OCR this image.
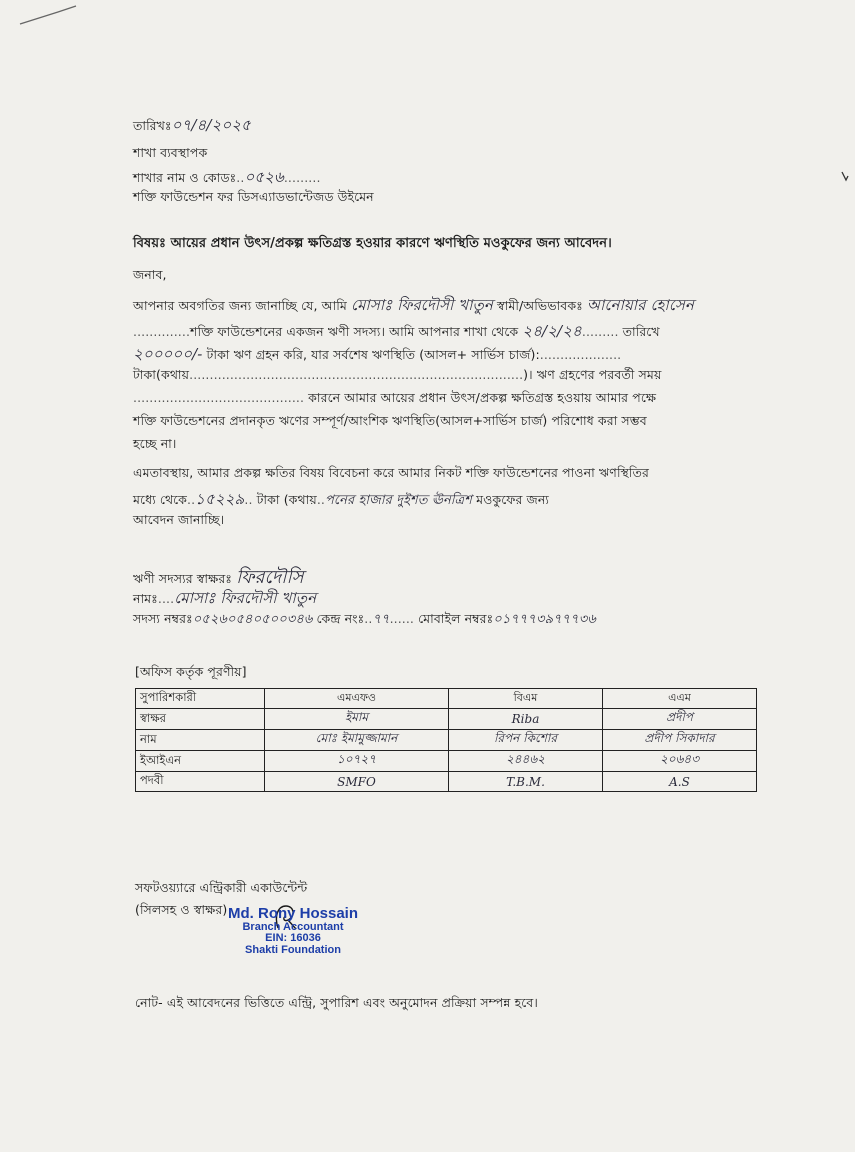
তারিখঃ০৭/৪/২০২৫
শাখা ব্যবস্থাপক
শাখার নাম ও কোডঃ..০৫২৬.........
শক্তি ফাউন্ডেশন ফর ডিসএ্যাডভান্টেজড উইমেন
বিষয়ঃ আয়ের প্রধান উৎস/প্রকল্প ক্ষতিগ্রস্ত হওয়ার কারণে ঋণস্থিতি মওকুফের জন্য আবেদন।
জনাব,
আপনার অবগতির জন্য জানাচ্ছি যে, আমি মোসাঃ ফিরদৌসী খাতুন স্বামী/অভিভাবকঃ আনোয়ার হোসেন
..............শক্তি ফাউন্ডেশনের একজন ঋণী সদস্য। আমি আপনার শাখা থেকে ২৪/২/২৪......... তারিখে
২০০০০০/- টাকা ঋণ গ্রহন করি, যার সর্বশেষ ঋণস্থিতি (আসল+ সার্ভিস চার্জ):....................
টাকা(কথায়..................................................................................)। ঋণ গ্রহণের পরবর্তী সময়
.......................................... কারনে আমার আয়ের প্রধান উৎস/প্রকল্প ক্ষতিগ্রস্ত হওয়ায় আমার পক্ষে
শক্তি ফাউন্ডেশনের প্রদানকৃত ঋণের সম্পূর্ণ/আংশিক ঋণস্থিতি(আসল+সার্ভিস চার্জ) পরিশোধ করা সম্ভব
হচ্ছে না।
এমতাবস্থায়, আমার প্রকল্প ক্ষতির বিষয় বিবেচনা করে আমার নিকট শক্তি ফাউন্ডেশনের পাওনা ঋণস্থিতির
মধ্যে থেকে..১৫২২৯.. টাকা (কথায়..পনের হাজার দুইশত ঊনত্রিশ মওকুফের জন্য
আবেদন জানাচ্ছি।
ঋণী সদস্যর স্বাক্ষরঃ ফিরদৌসি
নামঃ....মোসাঃ ফিরদৌসী খাতুন
সদস্য নম্বরঃ০৫২৬০৫৪০৫০০৩৪৬ কেন্দ্র নংঃ..৭৭...... মোবাইল নম্বরঃ০১৭৭৭৩৯৭৭৭৩৬
[অফিস কর্তৃক পূরণীয়]
সুপারিশকারী	এমএফও	বিএম	এএম
স্বাক্ষর	ইমাম	Riba	প্রদীপ
নাম	মোঃ ইমামুজ্জামান	রিপন কিশোর	প্রদীপ সিকাদার
ইআইএন	১০৭২৭	২৪৪৬২	২০৬৪৩
পদবী	SMFO	T.B.M.	A.S
সফটওয়্যারে এন্ট্রিকারী একাউন্টেন্ট
(সিলসহ ও স্বাক্ষর) Md. Rony Hossain
Branch Accountant
EIN: 16036
Shakti Foundation
নোট- এই আবেদনের ভিত্তিতে এন্ট্রি, সুপারিশ এবং অনুমোদন প্রক্রিয়া সম্পন্ন হবে।
